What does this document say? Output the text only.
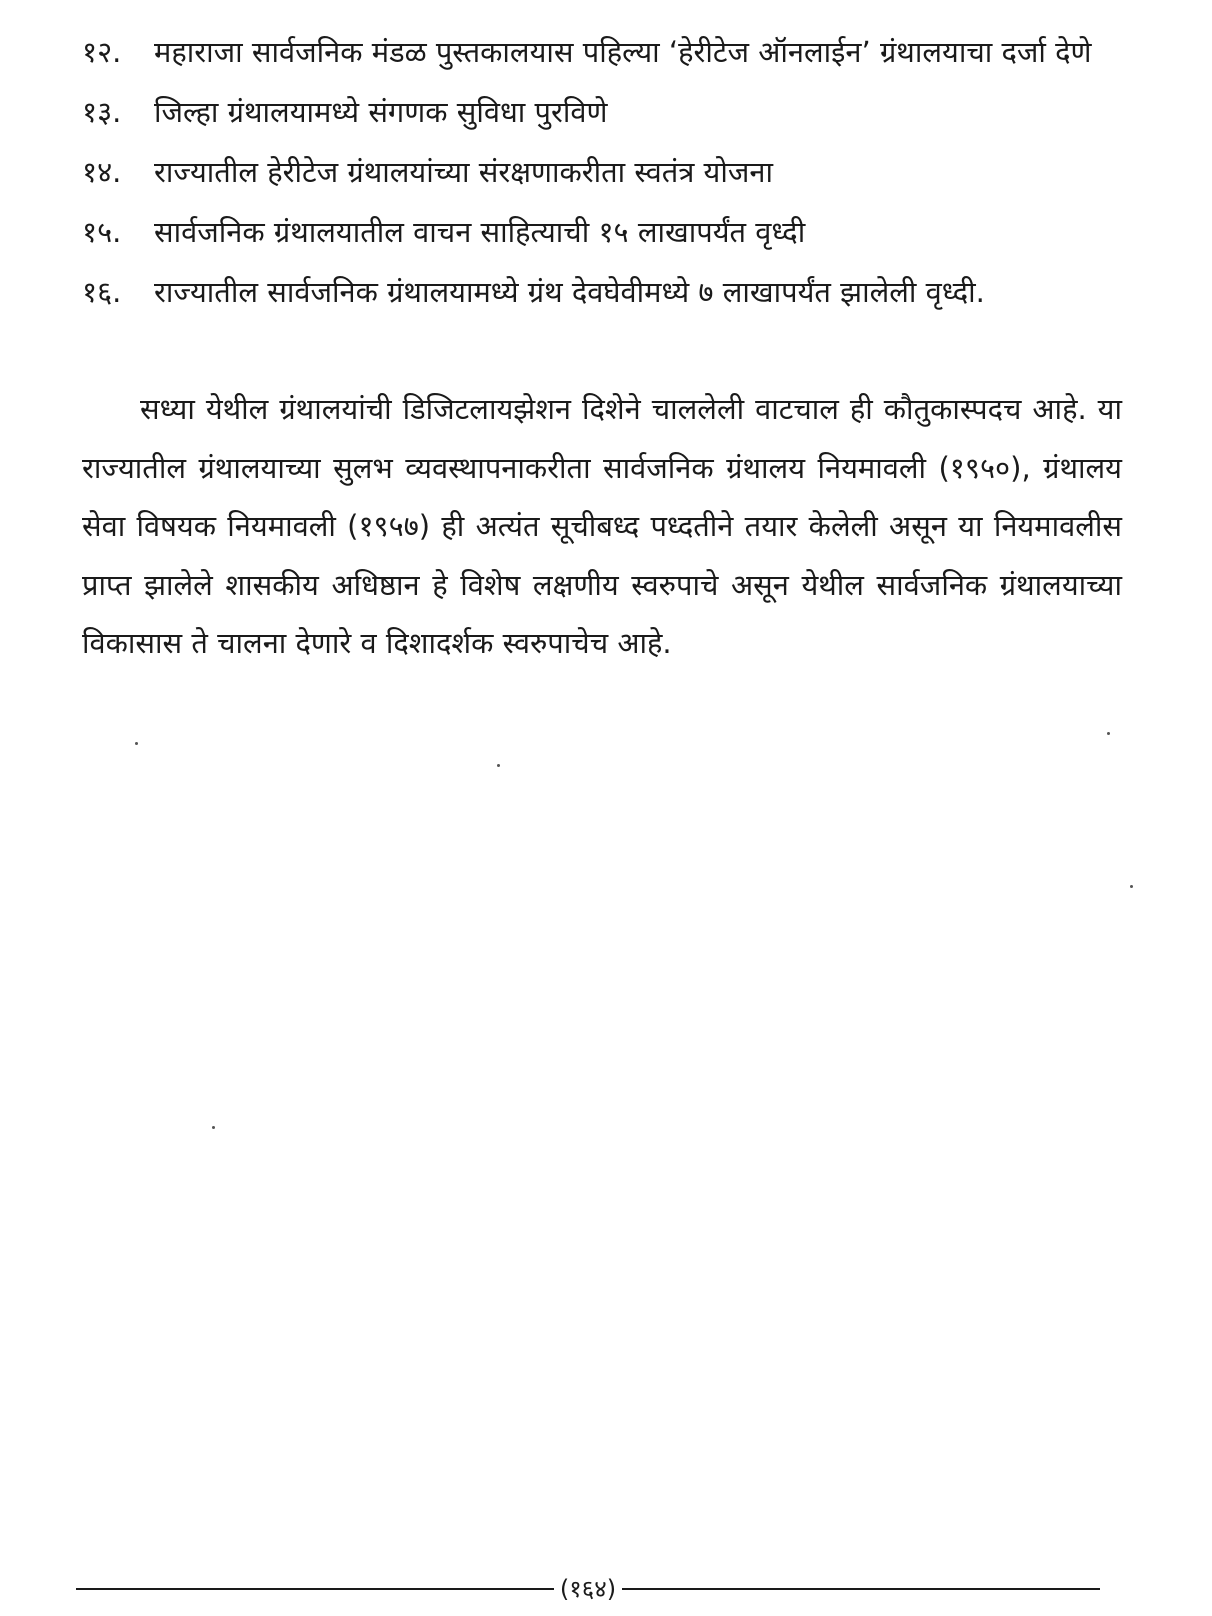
१२.	महाराजा सार्वजनिक मंडळ पुस्तकालयास पहिल्या ‘हेरीटेज ऑनलाईन’ ग्रंथालयाचा दर्जा देणे
१३.	जिल्हा ग्रंथालयामध्ये संगणक सुविधा पुरविणे
१४.	राज्यातील हेरीटेज ग्रंथालयांच्या संरक्षणाकरीता स्वतंत्र योजना
१५.	सार्वजनिक ग्रंथालयातील वाचन साहित्याची १५ लाखापर्यंत वृध्दी
१६.	राज्यातील सार्वजनिक ग्रंथालयामध्ये ग्रंथ देवघेवीमध्ये ७ लाखापर्यंत झालेली वृध्दी.

सध्या येथील ग्रंथालयांची डिजिटलायझेशन दिशेने चाललेली वाटचाल ही कौतुकास्पदच आहे. या राज्यातील ग्रंथालयाच्या सुलभ व्यवस्थापनाकरीता सार्वजनिक ग्रंथालय नियमावली (१९५०), ग्रंथालय सेवा विषयक नियमावली (१९५७) ही अत्यंत सूचीबध्द पध्दतीने तयार केलेली असून या नियमावलीस प्राप्त झालेले शासकीय अधिष्ठान हे विशेष लक्षणीय स्वरुपाचे असून येथील सार्वजनिक ग्रंथालयाच्या विकासास ते चालना देणारे व दिशादर्शक स्वरुपाचेच आहे.

(१६४)
